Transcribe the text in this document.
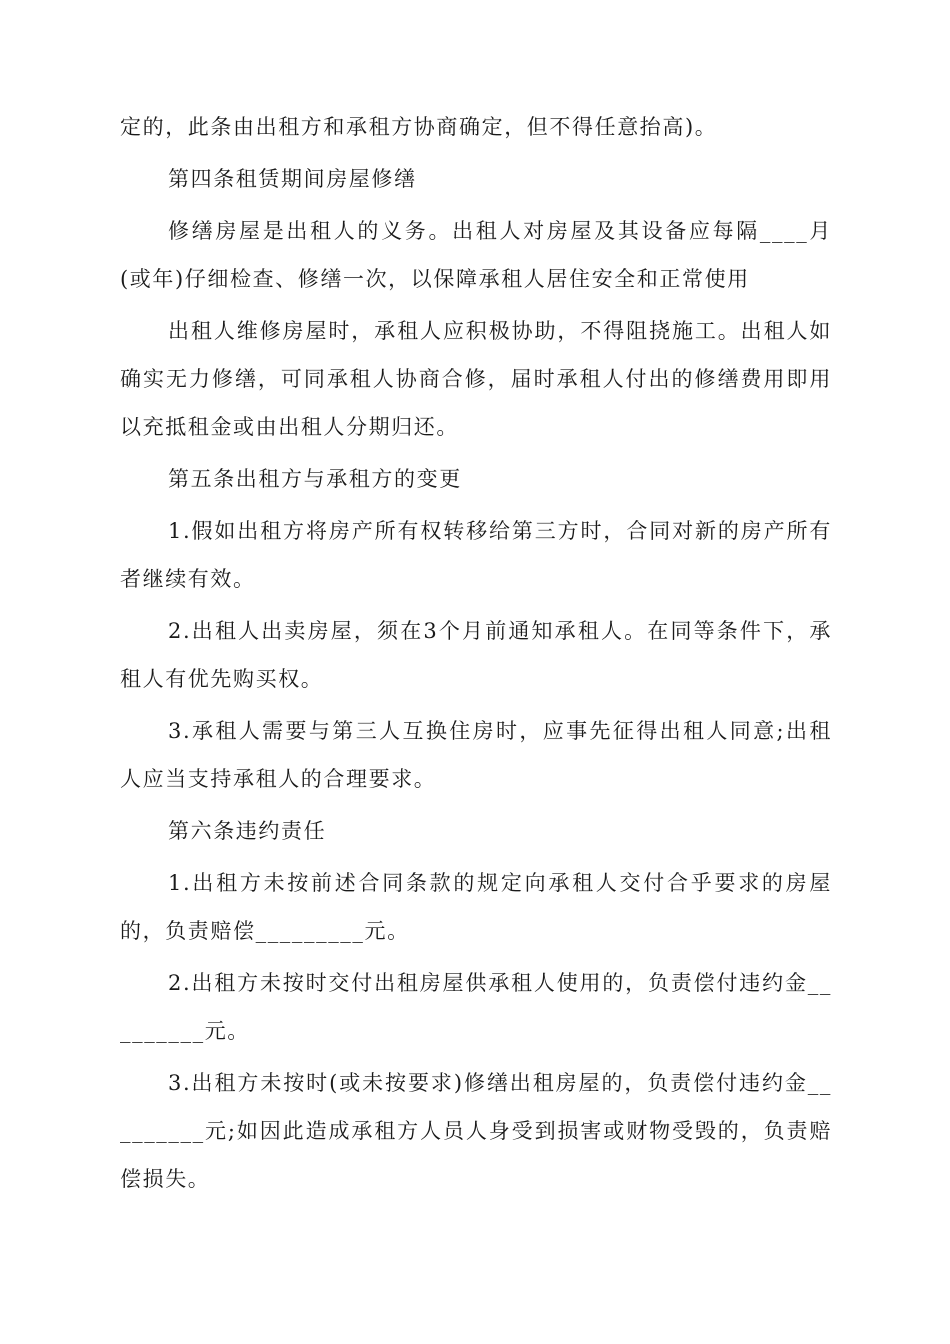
定的，此条由出租方和承租方协商确定，但不得任意抬高)。

第四条租赁期间房屋修缮

修缮房屋是出租人的义务。出租人对房屋及其设备应每隔____月(或年)仔细检查、修缮一次，以保障承租人居住安全和正常使用

出租人维修房屋时，承租人应积极协助，不得阻挠施工。出租人如确实无力修缮，可同承租人协商合修，届时承租人付出的修缮费用即用以充抵租金或由出租人分期归还。

第五条出租方与承租方的变更

1.假如出租方将房产所有权转移给第三方时，合同对新的房产所有者继续有效。

2.出租人出卖房屋，须在3个月前通知承租人。在同等条件下，承租人有优先购买权。

3.承租人需要与第三人互换住房时，应事先征得出租人同意;出租人应当支持承租人的合理要求。

第六条违约责任

1.出租方未按前述合同条款的规定向承租人交付合乎要求的房屋的，负责赔偿_________元。

2.出租方未按时交付出租房屋供承租人使用的，负责偿付违约金_________元。

3.出租方未按时(或未按要求)修缮出租房屋的，负责偿付违约金_________元;如因此造成承租方人员人身受到损害或财物受毁的，负责赔偿损失。
